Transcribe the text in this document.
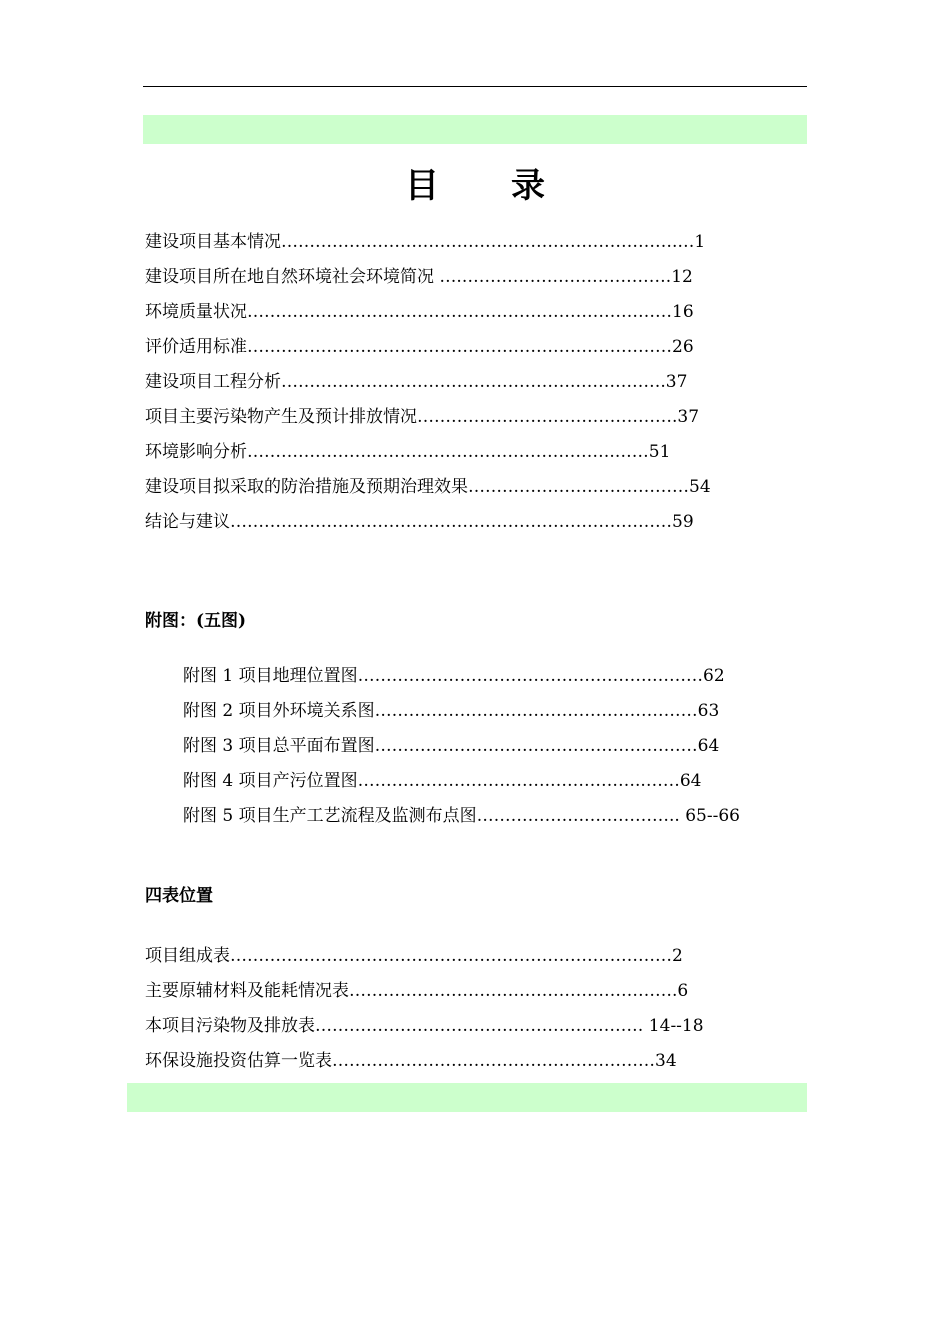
目 录
建设项目基本情况…………………………………………………………….…1
建设项目所在地自然环境社会环境简况 ….……………………………….12
环境质量状况…………………………………………………………………16
评价适用标准…………………………………………………………………26
建设项目工程分析…………………………………………….…………….37
项目主要污染物产生及预计排放情况……………………………………….37
环境影响分析………………….…………………………………….……51
建设项目拟采取的防治措施及预期治理效果…………………………………54
结论与建议……………………………………………………………………59
附图：(五图)
附图 1 项目地理位置图…………………………………………….………62
附图 2 项目外环境关系图…………………………………………………63
附图 3 项目总平面布置图…………………………………………………64
附图 4 项目产污位置图…………………………….……………..……64
附图 5 项目生产工艺流程及监测布点图……………….…………….. 65--66
四表位置
项目组成表……………………………………………………………………2
主要原辅材料及能耗情况表………………………………………………….6
本项目污染物及排放表………………………………………….……… 14--18
环保设施投资估算一览表…………………………………………………34
